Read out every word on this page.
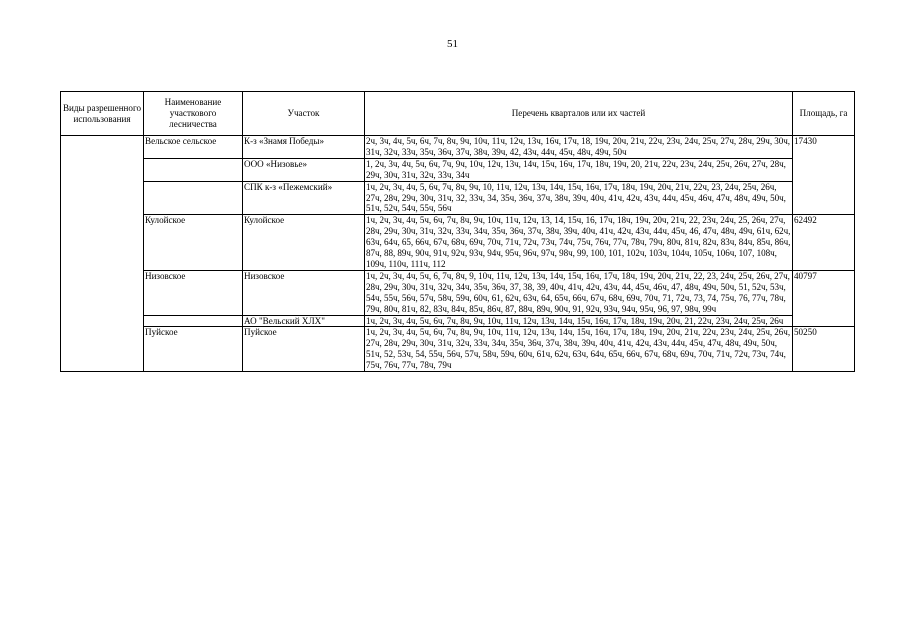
51
Виды разрешенного использования	Наименование участкового лесничества	Участок	Перечень кварталов или их частей	Площадь, га
	Вельское сельское	К-з «Знамя Победы»	2ч, 3ч, 4ч, 5ч, 6ч, 7ч, 8ч, 9ч, 10ч, 11ч, 12ч, 13ч, 16ч, 17ч, 18, 19ч, 20ч, 21ч, 22ч, 23ч, 24ч, 25ч, 27ч, 28ч, 29ч, 30ч, 31ч, 32ч, 33ч, 35ч, 36ч, 37ч, 38ч, 39ч, 42, 43ч, 44ч, 45ч, 48ч, 49ч, 50ч	17430
		ООО «Низовье»	1, 2ч, 3ч, 4ч, 5ч, 6ч, 7ч, 9ч, 10ч, 12ч, 13ч, 14ч, 15ч, 16ч, 17ч, 18ч, 19ч, 20, 21ч, 22ч, 23ч, 24ч, 25ч, 26ч, 27ч, 28ч, 29ч, 30ч, 31ч, 32ч, 33ч, 34ч	
		СПК к-з «Пежемский»	1ч, 2ч, 3ч, 4ч, 5, 6ч, 7ч, 8ч, 9ч, 10, 11ч, 12ч, 13ч, 14ч, 15ч, 16ч, 17ч, 18ч, 19ч, 20ч, 21ч, 22ч, 23, 24ч, 25ч, 26ч, 27ч, 28ч, 29ч, 30ч, 31ч, 32, 33ч, 34, 35ч, 36ч, 37ч, 38ч, 39ч, 40ч, 41ч, 42ч, 43ч, 44ч, 45ч, 46ч, 47ч, 48ч, 49ч, 50ч, 51ч, 52ч, 54ч, 55ч, 56ч	
	Кулойское	Кулойское	1ч, 2ч, 3ч, 4ч, 5ч, 6ч, 7ч, 8ч, 9ч, 10ч, 11ч, 12ч, 13, 14, 15ч, 16, 17ч, 18ч, 19ч, 20ч, 21ч, 22, 23ч, 24ч, 25, 26ч, 27ч, 28ч, 29ч, 30ч, 31ч, 32ч, 33ч, 34ч, 35ч, 36ч, 37ч, 38ч, 39ч, 40ч, 41ч, 42ч, 43ч, 44ч, 45ч, 46, 47ч, 48ч, 49ч, 61ч, 62ч, 63ч, 64ч, 65, 66ч, 67ч, 68ч, 69ч, 70ч, 71ч, 72ч, 73ч, 74ч, 75ч, 76ч, 77ч, 78ч, 79ч, 80ч, 81ч, 82ч, 83ч, 84ч, 85ч, 86ч, 87ч, 88, 89ч, 90ч, 91ч, 92ч, 93ч, 94ч, 95ч, 96ч, 97ч, 98ч, 99, 100, 101, 102ч, 103ч, 104ч, 105ч, 106ч, 107, 108ч, 109ч, 110ч, 111ч, 112	62492
	Низовское	Низовское	1ч, 2ч, 3ч, 4ч, 5ч, 6, 7ч, 8ч, 9, 10ч, 11ч, 12ч, 13ч, 14ч, 15ч, 16ч, 17ч, 18ч, 19ч, 20ч, 21ч, 22, 23, 24ч, 25ч, 26ч, 27ч, 28ч, 29ч, 30ч, 31ч, 32ч, 34ч, 35ч, 36ч, 37, 38, 39, 40ч, 41ч, 42ч, 43ч, 44, 45ч, 46ч, 47, 48ч, 49ч, 50ч, 51, 52ч, 53ч, 54ч, 55ч, 56ч, 57ч, 58ч, 59ч, 60ч, 61, 62ч, 63ч, 64, 65ч, 66ч, 67ч, 68ч, 69ч, 70ч, 71, 72ч, 73, 74, 75ч, 76, 77ч, 78ч, 79ч, 80ч, 81ч, 82, 83ч, 84ч, 85ч, 86ч, 87, 88ч, 89ч, 90ч, 91, 92ч, 93ч, 94ч, 95ч, 96, 97, 98ч, 99ч	40797
		АО "Вельский ХЛХ"	1ч, 2ч, 3ч, 4ч, 5ч, 6ч, 7ч, 8ч, 9ч, 10ч, 11ч, 12ч, 13ч, 14ч, 15ч, 16ч, 17ч, 18ч, 19ч, 20ч, 21, 22ч, 23ч, 24ч, 25ч, 26ч	
	Пуйское	Пуйское	1ч, 2ч, 3ч, 4ч, 5ч, 6ч, 7ч, 8ч, 9ч, 10ч, 11ч, 12ч, 13ч, 14ч, 15ч, 16ч, 17ч, 18ч, 19ч, 20ч, 21ч, 22ч, 23ч, 24ч, 25ч, 26ч, 27ч, 28ч, 29ч, 30ч, 31ч, 32ч, 33ч, 34ч, 35ч, 36ч, 37ч, 38ч, 39ч, 40ч, 41ч, 42ч, 43ч, 44ч, 45ч, 47ч, 48ч, 49ч, 50ч, 51ч, 52, 53ч, 54, 55ч, 56ч, 57ч, 58ч, 59ч, 60ч, 61ч, 62ч, 63ч, 64ч, 65ч, 66ч, 67ч, 68ч, 69ч, 70ч, 71ч, 72ч, 73ч, 74ч, 75ч, 76ч, 77ч, 78ч, 79ч	50250
